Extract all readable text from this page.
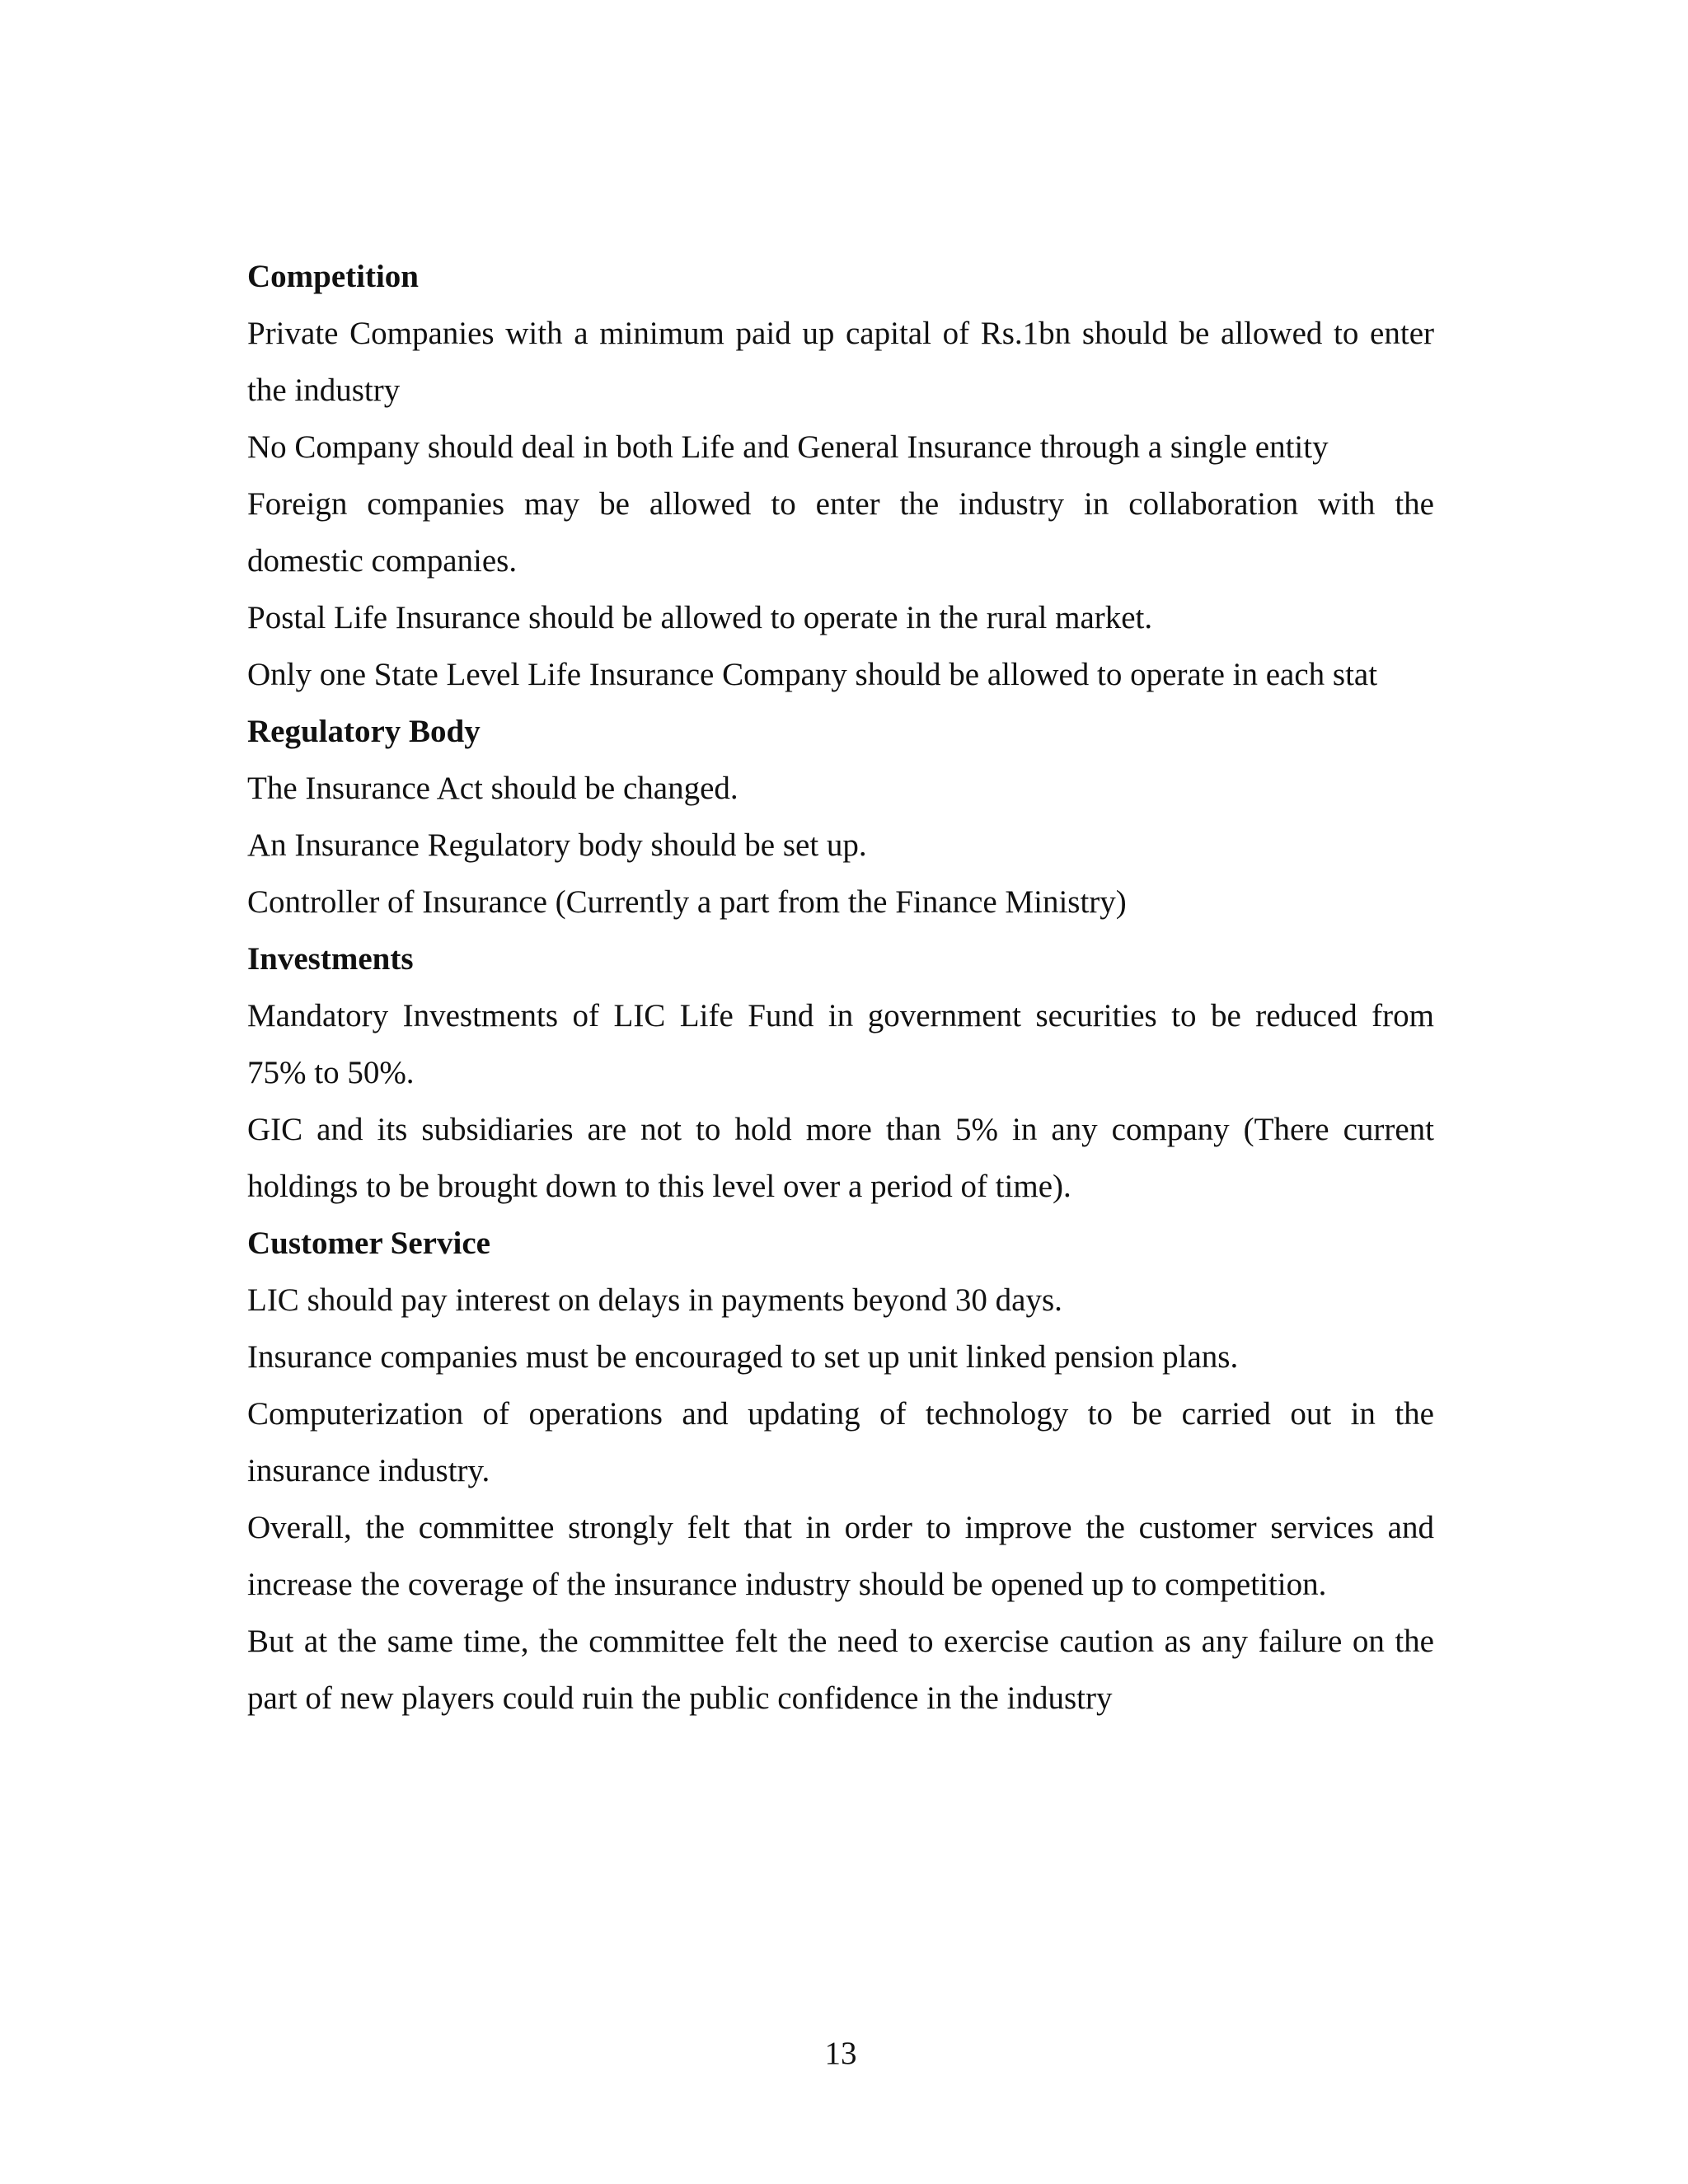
Competition
Private Companies with a minimum paid up capital of Rs.1bn should be allowed to enter
the industry
No Company should deal in both Life and General Insurance through a single entity
Foreign companies may be allowed to enter the industry in collaboration with the
domestic companies.
Postal Life Insurance should be allowed to operate in the rural market.
Only one State Level Life Insurance Company should be allowed to operate in each stat
Regulatory Body
The Insurance Act should be changed.
An Insurance Regulatory body should be set up.
Controller of Insurance (Currently a part from the Finance Ministry)
Investments
Mandatory Investments of LIC Life Fund in government securities to be reduced from
75% to 50%.
GIC and its subsidiaries are not to hold more than 5% in any company (There current
holdings to be brought down to this level over a period of time).
Customer Service
LIC should pay interest on delays in payments beyond 30 days.
Insurance companies must be encouraged to set up unit linked pension plans.
Computerization of operations and updating of technology to be carried out in the
insurance industry.
Overall, the committee strongly felt that in order to improve the customer services and
increase the coverage of the insurance industry should be opened up to competition.
But at the same time, the committee felt the need to exercise caution as any failure on the
part of new players could ruin the public confidence in the industry
13
